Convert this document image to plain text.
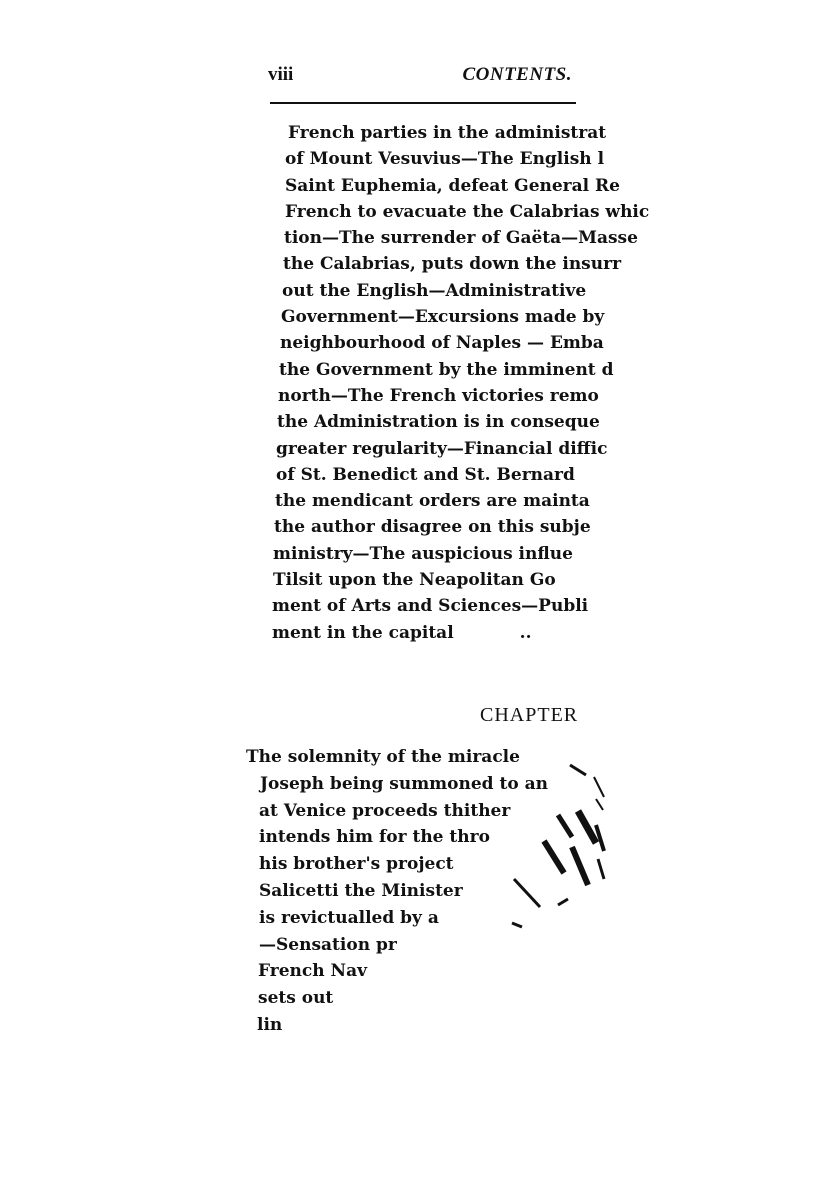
viii	CONTENTS.
French parties in the administrat
of Mount Vesuvius—The English l
Saint Euphemia, defeat General Re
French to evacuate the Calabrias whic
tion—The surrender of Gaëta—Masse
the Calabrias, puts down the insurr
out the English—Administrative
Government—Excursions made by
neighbourhood of Naples — Emba
the Government by the imminent d
north—The French victories remo
the Administration is in conseque
greater regularity—Financial diffic
of St. Benedict and St. Bernard
the mendicant orders are mainta
the author disagree on this subje
ministry—The auspicious influe
Tilsit upon the Neapolitan Go
ment of Arts and Sciences—Publi
ment in the capital	..
CHAPTER
The solemnity of the miracle
Joseph being summoned to an
at Venice proceeds thither
intends him for the thro
his brother's project
Salicetti the Minister
is revictualled by a
—Sensation pr
French Nav
sets out
lin
